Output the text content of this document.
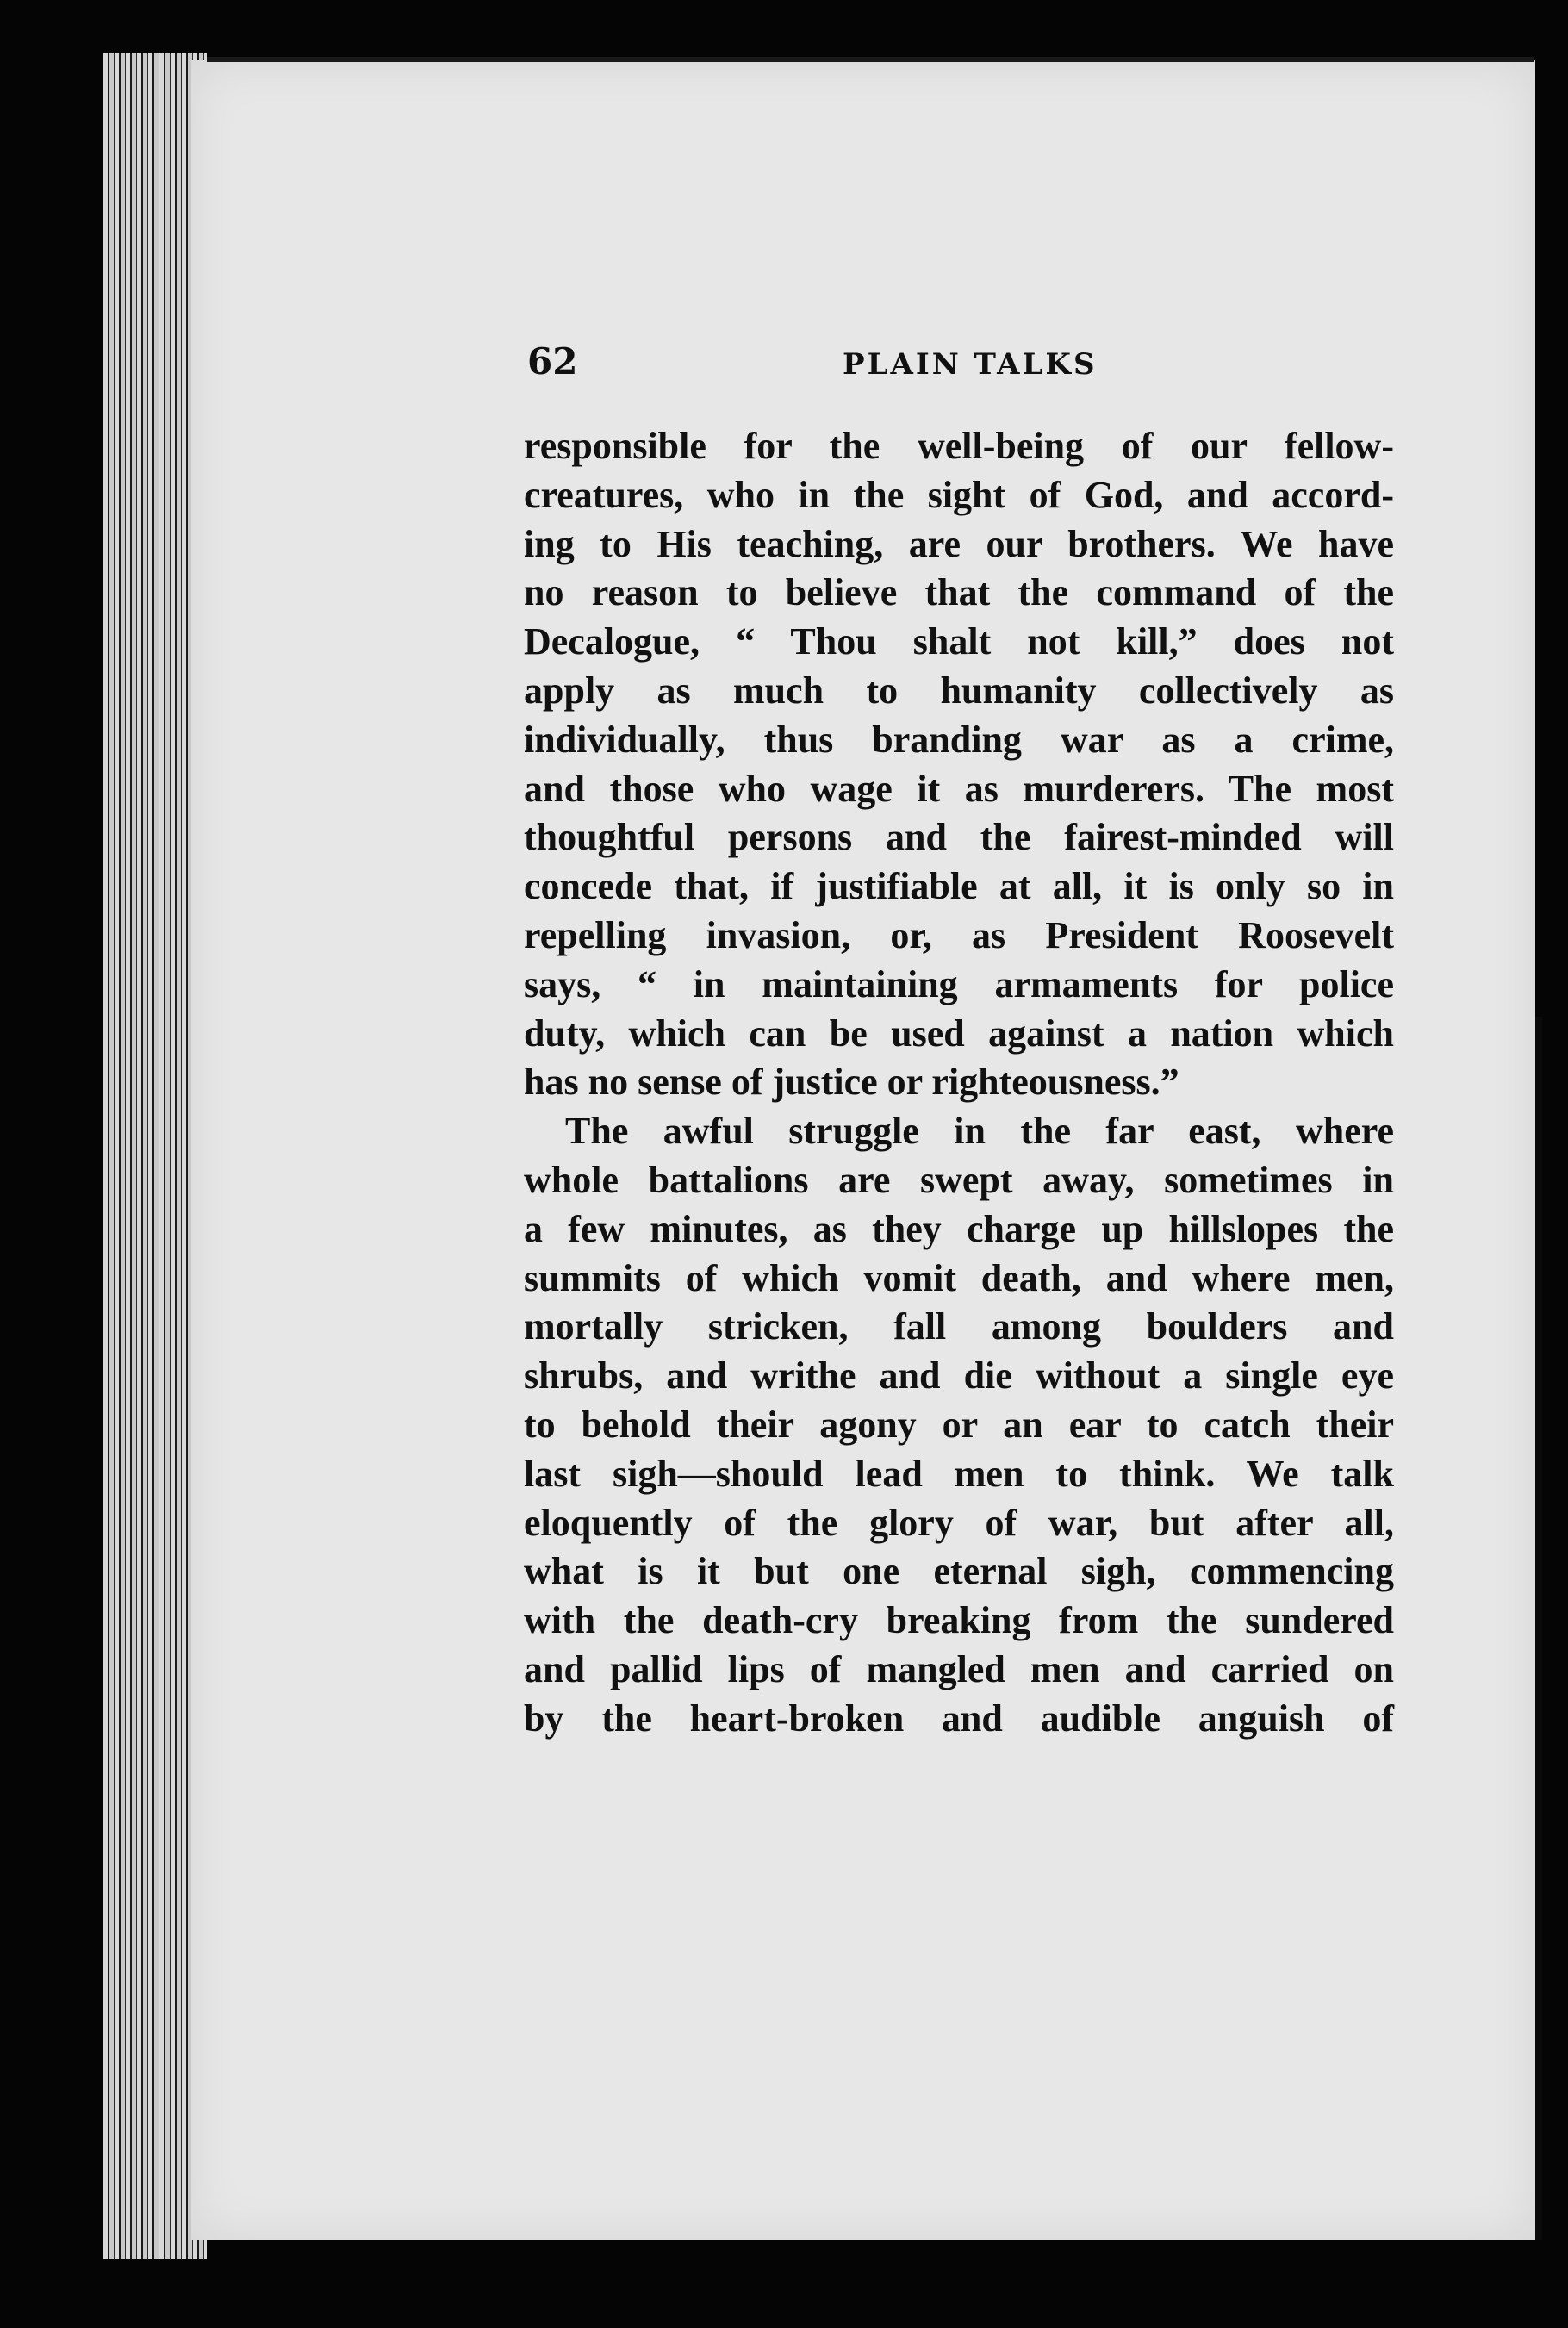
62	PLAIN TALKS
responsible for the well-being of our fellow-
creatures, who in the sight of God, and accord-
ing to His teaching, are our brothers. We have
no reason to believe that the command of the
Decalogue, “ Thou shalt not kill,” does not
apply as much to humanity collectively as
individually, thus branding war as a crime,
and those who wage it as murderers. The most
thoughtful persons and the fairest-minded will
concede that, if justifiable at all, it is only so in
repelling invasion, or, as President Roosevelt
says, “ in maintaining armaments for police
duty, which can be used against a nation which
has no sense of justice or righteousness.”
The awful struggle in the far east, where
whole battalions are swept away, sometimes in
a few minutes, as they charge up hillslopes the
summits of which vomit death, and where men,
mortally stricken, fall among boulders and
shrubs, and writhe and die without a single eye
to behold their agony or an ear to catch their
last sigh—should lead men to think. We talk
eloquently of the glory of war, but after all,
what is it but one eternal sigh, commencing
with the death-cry breaking from the sundered
and pallid lips of mangled men and carried on
by the heart-broken and audible anguish of
